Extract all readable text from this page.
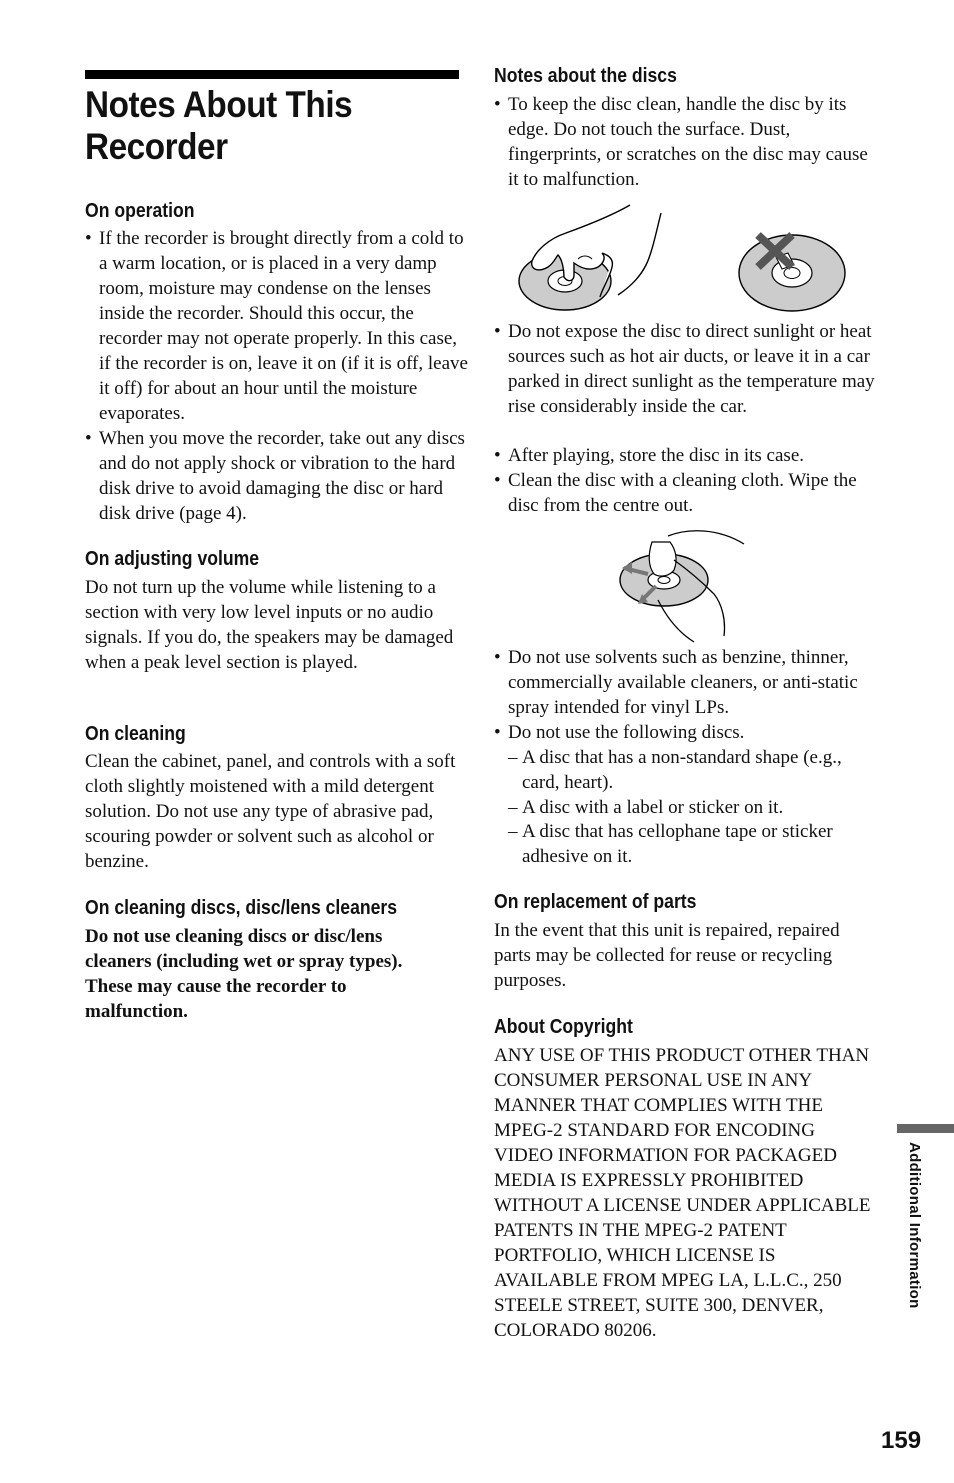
Notes About This Recorder
On operation

• If the recorder is brought directly from a cold to a warm location, or is placed in a very damp room, moisture may condense on the lenses inside the recorder. Should this occur, the recorder may not operate properly. In this case, if the recorder is on, leave it on (if it is off, leave it off) for about an hour until the moisture evaporates.

• When you move the recorder, take out any discs and do not apply shock or vibration to the hard disk drive to avoid damaging the disc or hard disk drive (page 4).

On adjusting volume

Do not turn up the volume while listening to a section with very low level inputs or no audio signals. If you do, the speakers may be damaged when a peak level section is played.

On cleaning

Clean the cabinet, panel, and controls with a soft cloth slightly moistened with a mild detergent solution. Do not use any type of abrasive pad, scouring powder or solvent such as alcohol or benzine.

On cleaning discs, disc/lens cleaners

Do not use cleaning discs or disc/lens cleaners (including wet or spray types). These may cause the recorder to malfunction.

Notes about the discs

• To keep the disc clean, handle the disc by its edge. Do not touch the surface. Dust, fingerprints, or scratches on the disc may cause it to malfunction.

• Do not expose the disc to direct sunlight or heat sources such as hot air ducts, or leave it in a car parked in direct sunlight as the temperature may rise considerably inside the car.

• After playing, store the disc in its case.

• Clean the disc with a cleaning cloth. Wipe the disc from the centre out.

• Do not use solvents such as benzine, thinner, commercially available cleaners, or anti-static spray intended for vinyl LPs.

• Do not use the following discs.

– A disc that has a non-standard shape (e.g., card, heart).

– A disc with a label or sticker on it.

– A disc that has cellophane tape or sticker adhesive on it.

On replacement of parts

In the event that this unit is repaired, repaired parts may be collected for reuse or recycling purposes.

About Copyright

ANY USE OF THIS PRODUCT OTHER THAN CONSUMER PERSONAL USE IN ANY MANNER THAT COMPLIES WITH THE MPEG-2 STANDARD FOR ENCODING VIDEO INFORMATION FOR PACKAGED MEDIA IS EXPRESSLY PROHIBITED WITHOUT A LICENSE UNDER APPLICABLE PATENTS IN THE MPEG-2 PATENT PORTFOLIO, WHICH LICENSE IS AVAILABLE FROM MPEG LA, L.L.C., 250 STEELE STREET, SUITE 300, DENVER, COLORADO 80206.

Additional Information
159
